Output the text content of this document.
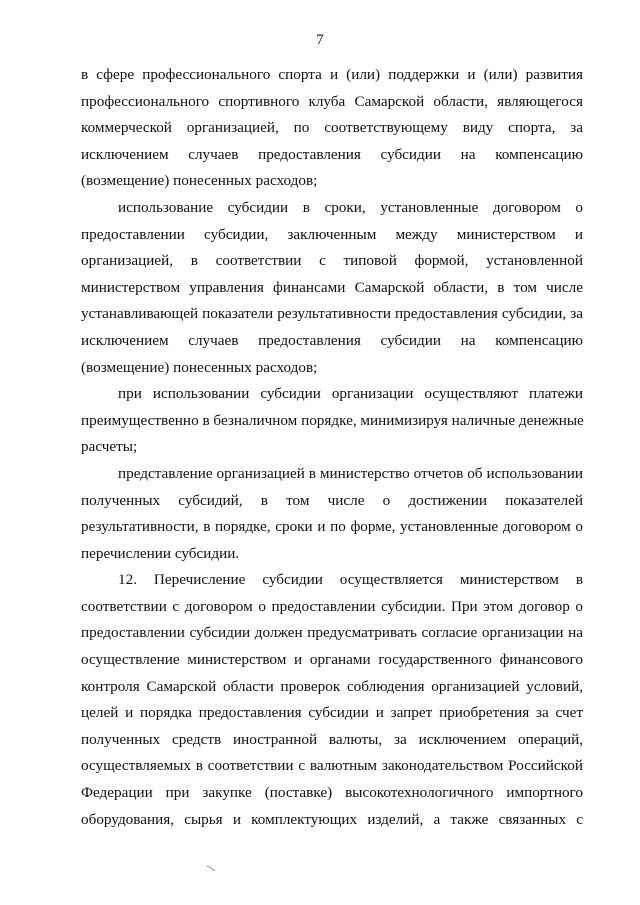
7
в сфере профессионального спорта и (или) поддержки и (или) развития
профессионального спортивного клуба Самарской области, являющегося
коммерческой организацией, по соответствующему виду спорта, за
исключением случаев предоставления субсидии на компенсацию
(возмещение) понесенных расходов;
использование субсидии в сроки, установленные договором о
предоставлении субсидии, заключенным между министерством и
организацией, в соответствии с типовой формой, установленной
министерством управления финансами Самарской области, в том числе
устанавливающей показатели результативности предоставления субсидии, за
исключением случаев предоставления субсидии на компенсацию
(возмещение) понесенных расходов;
при использовании субсидии организации осуществляют платежи
преимущественно в безналичном порядке, минимизируя наличные денежные
расчеты;
представление организацией в министерство отчетов об использовании
полученных субсидий, в том числе о достижении показателей
результативности, в порядке, сроки и по форме, установленные договором о
перечислении субсидии.
12. Перечисление субсидии осуществляется министерством в
соответствии с договором о предоставлении субсидии. При этом договор о
предоставлении субсидии должен предусматривать согласие организации на
осуществление министерством и органами государственного финансового
контроля Самарской области проверок соблюдения организацией условий,
целей и порядка предоставления субсидии и запрет приобретения за счет
полученных средств иностранной валюты, за исключением операций,
осуществляемых в соответствии с валютным законодательством Российской
Федерации при закупке (поставке) высокотехнологичного импортного
оборудования, сырья и комплектующих изделий, а также связанных с
